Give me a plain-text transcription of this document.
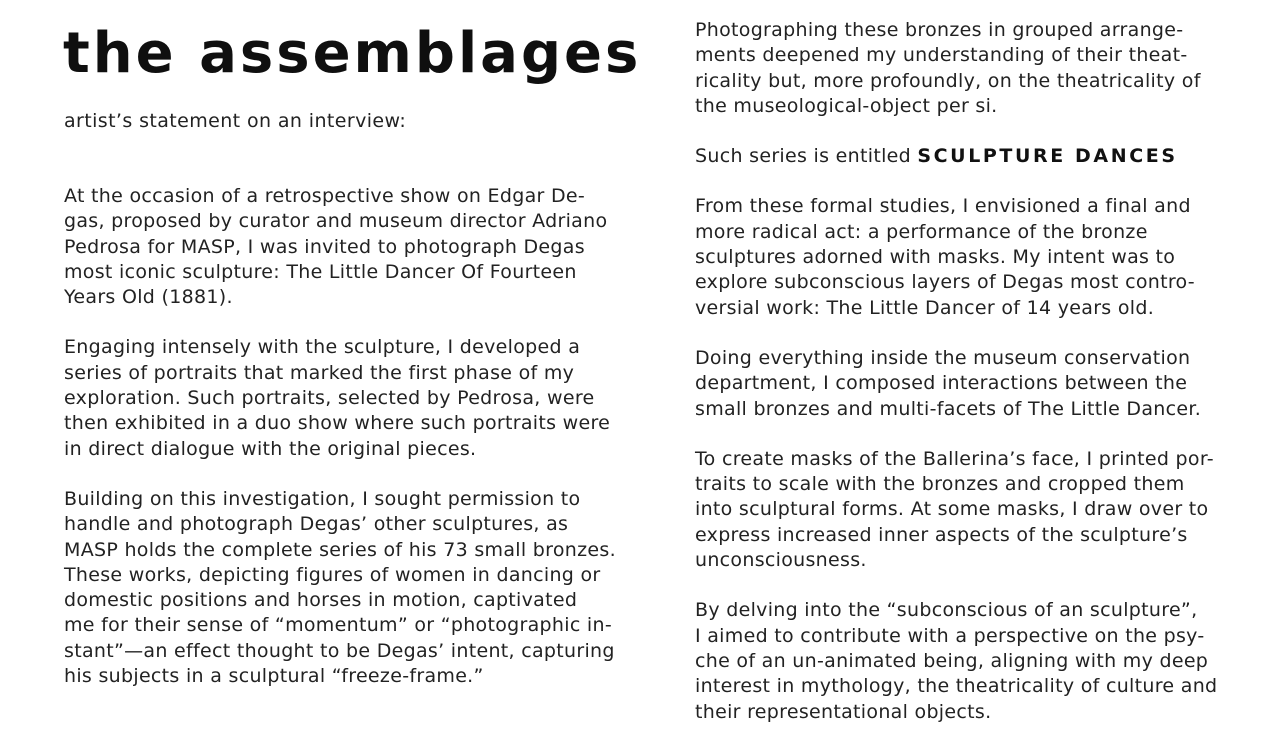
the assemblages

artist’s statement on an interview:

At the occasion of a retrospective show on Edgar De-
gas, proposed by curator and museum director Adriano
Pedrosa for MASP, I was invited to photograph Degas
most iconic sculpture: The Little Dancer Of Fourteen
Years Old (1881).

Engaging intensely with the sculpture, I developed a
series of portraits that marked the first phase of my
exploration. Such portraits, selected by Pedrosa, were
then exhibited in a duo show where such portraits were
in direct dialogue with the original pieces.

Building on this investigation, I sought permission to
handle and photograph Degas’ other sculptures, as
MASP holds the complete series of his 73 small bronzes.
These works, depicting figures of women in dancing or
domestic positions and horses in motion, captivated
me for their sense of “momentum” or “photographic in-
stant”—an effect thought to be Degas’ intent, capturing
his subjects in a sculptural “freeze-frame.”

Photographing these bronzes in grouped arrange-
ments deepened my understanding of their theat-
ricality but, more profoundly, on the theatricality of
the museological-object per si.

Such series is entitled SCULPTURE DANCES

From these formal studies, I envisioned a final and
more radical act: a performance of the bronze
sculptures adorned with masks. My intent was to
explore subconscious layers of Degas most contro-
versial work: The Little Dancer of 14 years old.

Doing everything inside the museum conservation
department, I composed interactions between the
small bronzes and multi-facets of The Little Dancer.

To create masks of the Ballerina’s face, I printed por-
traits to scale with the bronzes and cropped them
into sculptural forms. At some masks, I draw over to
express increased inner aspects of the sculpture’s
unconsciousness.

By delving into the “subconscious of an sculpture”,
I aimed to contribute with a perspective on the psy-
che of an un-animated being, aligning with my deep
interest in mythology, the theatricality of culture and
their representational objects.
